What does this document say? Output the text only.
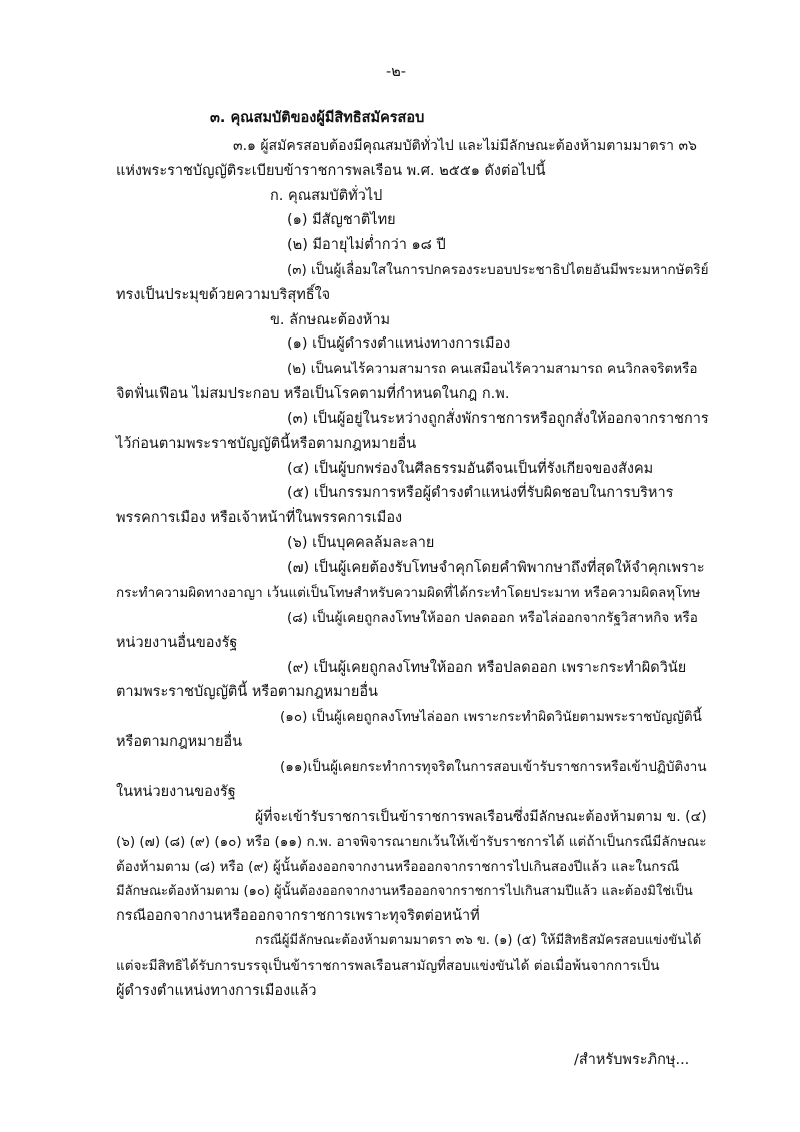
-๒-
๓. คุณสมบัติของผู้มีสิทธิสมัครสอบ
๓.๑ ผู้สมัครสอบต้องมีคุณสมบัติทั่วไป และไม่มีลักษณะต้องห้ามตามมาตรา ๓๖
แห่งพระราชบัญญัติระเบียบข้าราชการพลเรือน พ.ศ. ๒๕๕๑ ดังต่อไปนี้
ก. คุณสมบัติทั่วไป
(๑) มีสัญชาติไทย
(๒) มีอายุไม่ต่ำกว่า ๑๘ ปี
(๓) เป็นผู้เลื่อมใสในการปกครองระบอบประชาธิปไตยอันมีพระมหากษัตริย์
ทรงเป็นประมุขด้วยความบริสุทธิ์ใจ
ข. ลักษณะต้องห้าม
(๑) เป็นผู้ดำรงตำแหน่งทางการเมือง
(๒) เป็นคนไร้ความสามารถ คนเสมือนไร้ความสามารถ คนวิกลจริตหรือ
จิตฟั่นเฟือน ไม่สมประกอบ หรือเป็นโรคตามที่กำหนดในกฎ ก.พ.
(๓) เป็นผู้อยู่ในระหว่างถูกสั่งพักราชการหรือถูกสั่งให้ออกจากราชการ
ไว้ก่อนตามพระราชบัญญัตินี้หรือตามกฎหมายอื่น
(๔) เป็นผู้บกพร่องในศีลธรรมอันดีจนเป็นที่รังเกียจของสังคม
(๕) เป็นกรรมการหรือผู้ดำรงตำแหน่งที่รับผิดชอบในการบริหาร
พรรคการเมือง หรือเจ้าหน้าที่ในพรรคการเมือง
(๖) เป็นบุคคลล้มละลาย
(๗) เป็นผู้เคยต้องรับโทษจำคุกโดยคำพิพากษาถึงที่สุดให้จำคุกเพราะ
กระทำความผิดทางอาญา เว้นแต่เป็นโทษสำหรับความผิดที่ได้กระทำโดยประมาท หรือความผิดลหุโทษ
(๘) เป็นผู้เคยถูกลงโทษให้ออก ปลดออก หรือไล่ออกจากรัฐวิสาหกิจ หรือ
หน่วยงานอื่นของรัฐ
(๙) เป็นผู้เคยถูกลงโทษให้ออก หรือปลดออก เพราะกระทำผิดวินัย
ตามพระราชบัญญัตินี้ หรือตามกฎหมายอื่น
(๑๐) เป็นผู้เคยถูกลงโทษไล่ออก เพราะกระทำผิดวินัยตามพระราชบัญญัตินี้
หรือตามกฎหมายอื่น
(๑๑)เป็นผู้เคยกระทำการทุจริตในการสอบเข้ารับราชการหรือเข้าปฏิบัติงาน
ในหน่วยงานของรัฐ
ผู้ที่จะเข้ารับราชการเป็นข้าราชการพลเรือนซึ่งมีลักษณะต้องห้ามตาม ข. (๔)
(๖) (๗) (๘) (๙) (๑๐) หรือ (๑๑) ก.พ. อาจพิจารณายกเว้นให้เข้ารับราชการได้ แต่ถ้าเป็นกรณีมีลักษณะ
ต้องห้ามตาม (๘) หรือ (๙) ผู้นั้นต้องออกจากงานหรือออกจากราชการไปเกินสองปีแล้ว และในกรณี
มีลักษณะต้องห้ามตาม (๑๐) ผู้นั้นต้องออกจากงานหรือออกจากราชการไปเกินสามปีแล้ว และต้องมิใช่เป็น
กรณีออกจากงานหรือออกจากราชการเพราะทุจริตต่อหน้าที่
กรณีผู้มีลักษณะต้องห้ามตามมาตรา ๓๖ ข. (๑) (๕) ให้มีสิทธิสมัครสอบแข่งขันได้
แต่จะมีสิทธิได้รับการบรรจุเป็นข้าราชการพลเรือนสามัญที่สอบแข่งขันได้ ต่อเมื่อพ้นจากการเป็น
ผู้ดำรงตำแหน่งทางการเมืองแล้ว
/สำหรับพระภิกษุ...
